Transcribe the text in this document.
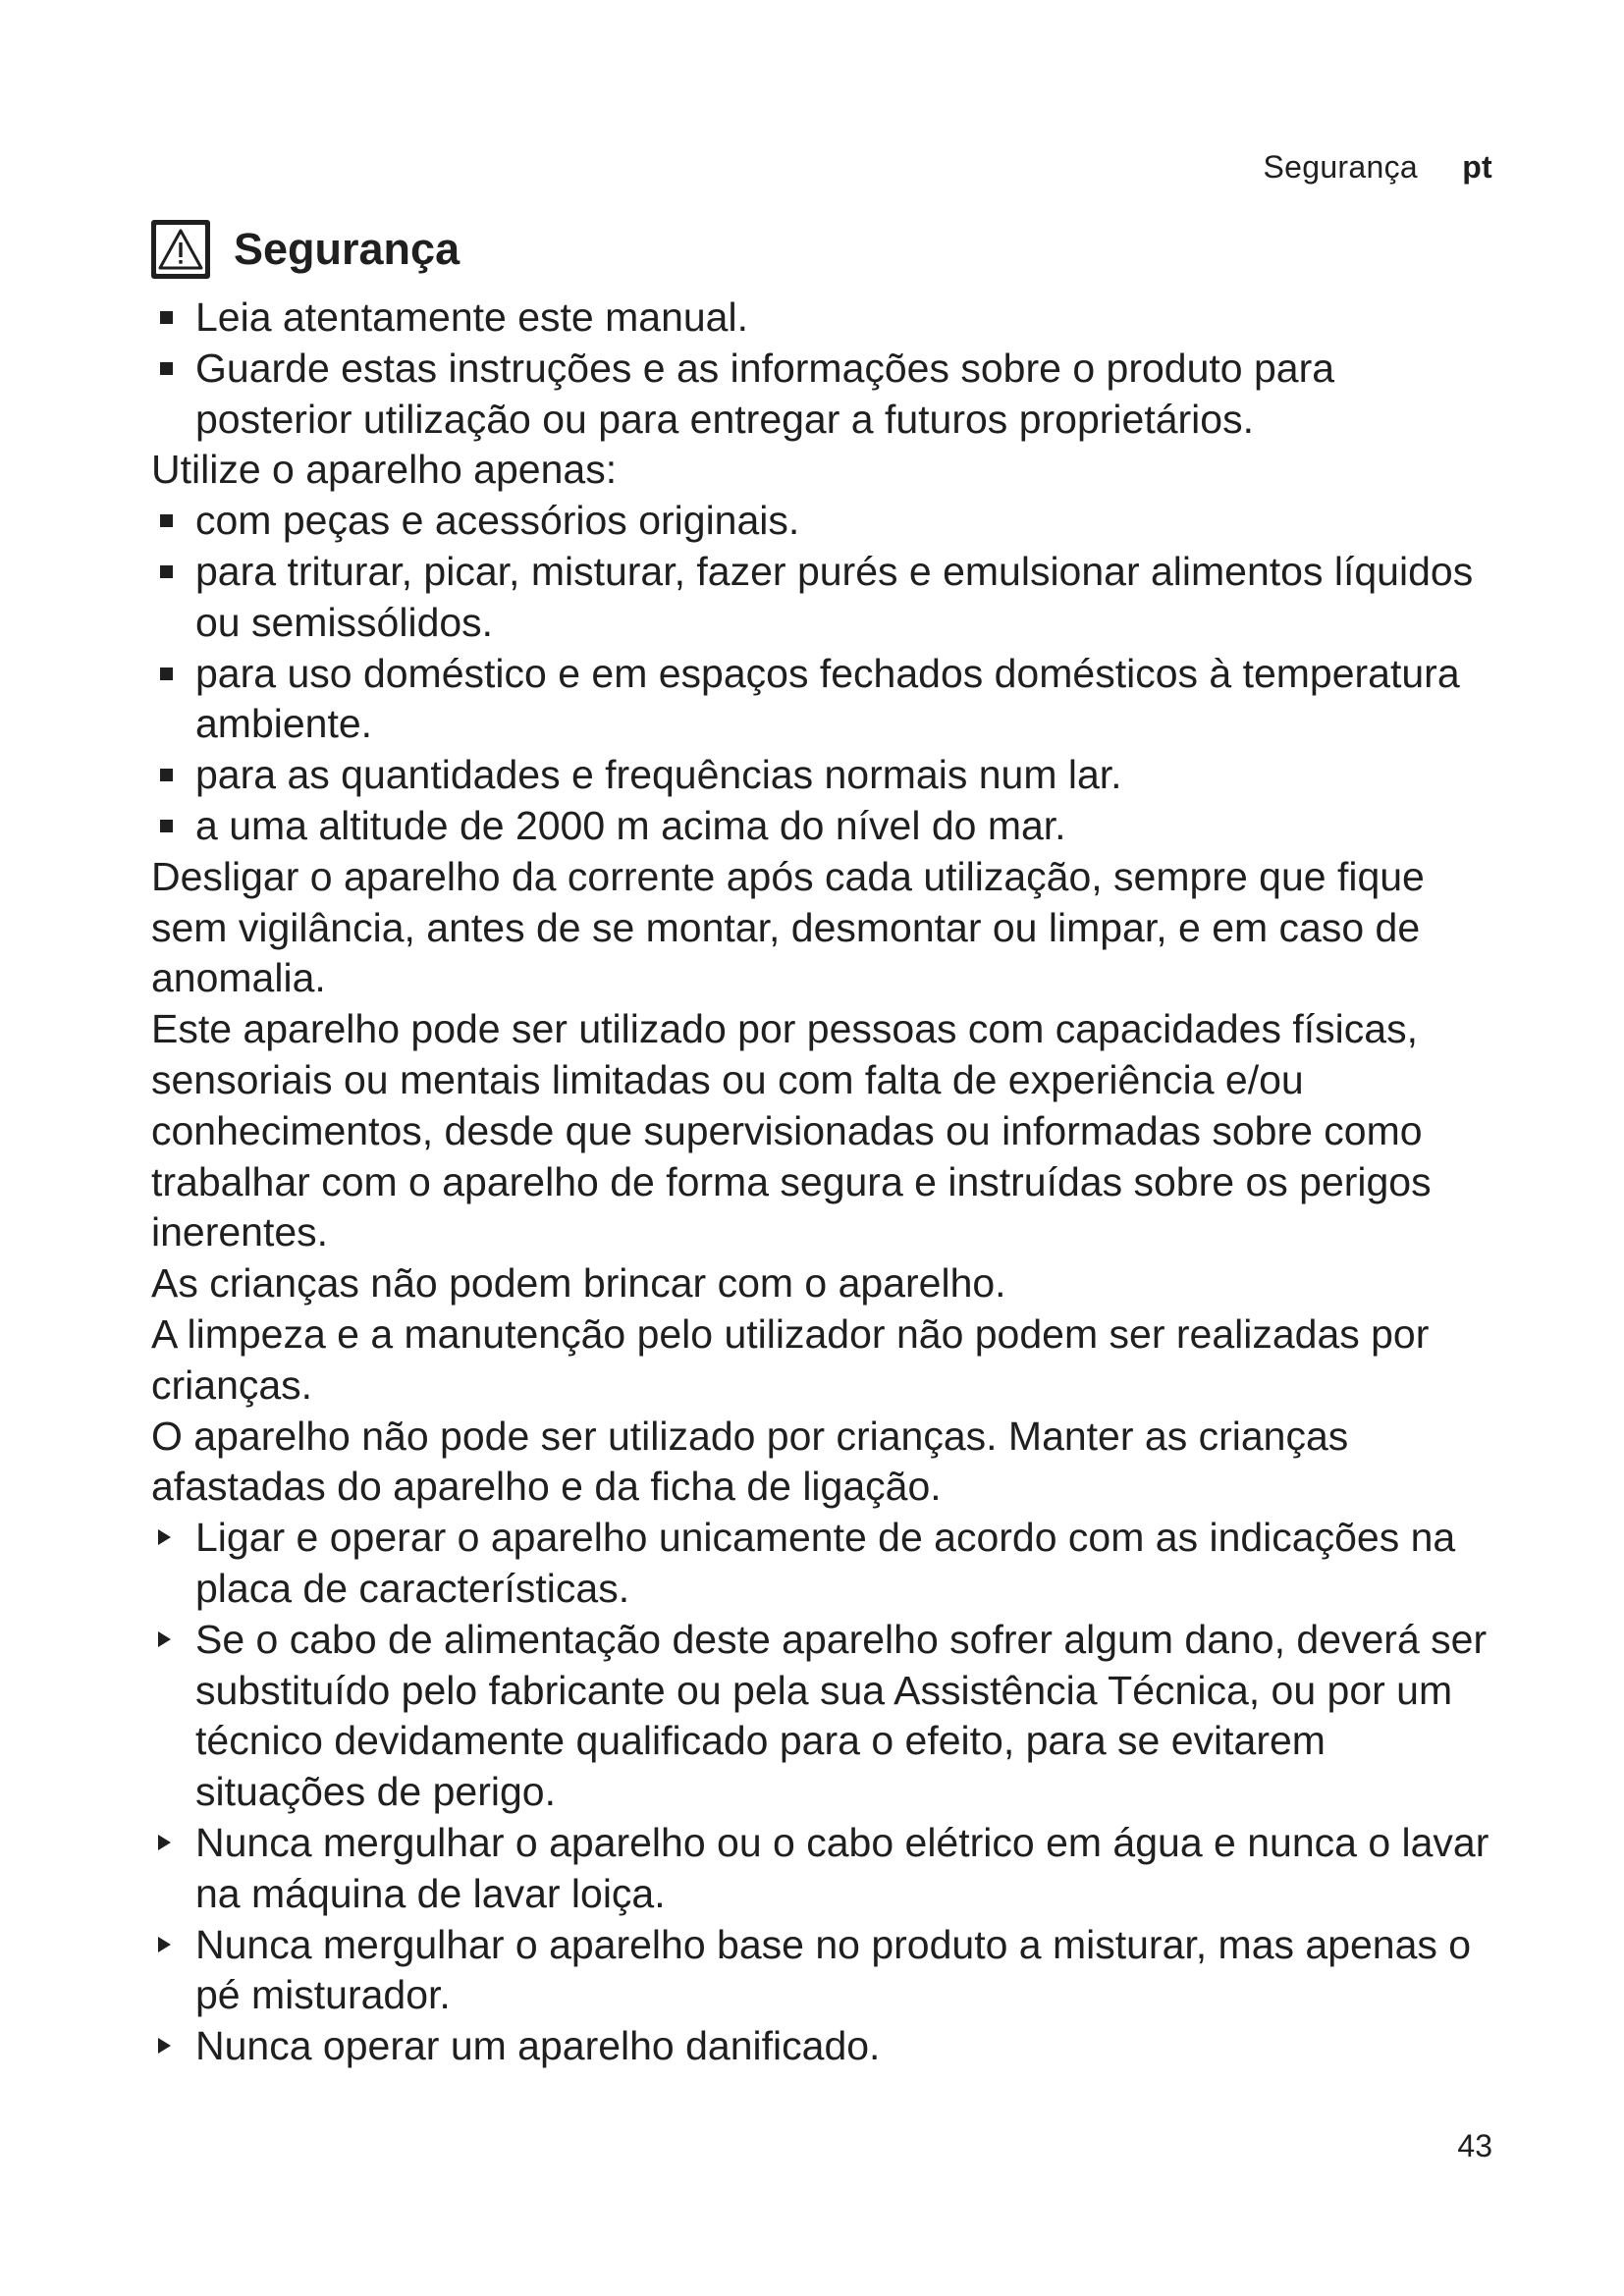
Segurança pt
Segurança
Leia atentamente este manual.
Guarde estas instruções e as informações sobre o produto para posterior utilização ou para entregar a futuros proprietários.

Utilize o aparelho apenas:

com peças e acessórios originais.
para triturar, picar, misturar, fazer purés e emulsionar alimentos líquidos ou semissólidos.
para uso doméstico e em espaços fechados domésticos à temperatura ambiente.
para as quantidades e frequências normais num lar.
a uma altitude de 2000 m acima do nível do mar.

Desligar o aparelho da corrente após cada utilização, sempre que fique sem vigilância, antes de se montar, desmontar ou limpar, e em caso de anomalia.

Este aparelho pode ser utilizado por pessoas com capacidades físicas, sensoriais ou mentais limitadas ou com falta de experiência e/ou conhecimentos, desde que supervisionadas ou informadas sobre como trabalhar com o aparelho de forma segura e instruídas sobre os perigos inerentes.

As crianças não podem brincar com o aparelho.

A limpeza e a manutenção pelo utilizador não podem ser realizadas por crianças.

O aparelho não pode ser utilizado por crianças. Manter as crianças afastadas do aparelho e da ficha de ligação.

Ligar e operar o aparelho unicamente de acordo com as indicações na placa de características.
Se o cabo de alimentação deste aparelho sofrer algum dano, deverá ser substituído pelo fabricante ou pela sua Assistência Técnica, ou por um técnico devidamente qualificado para o efeito, para se evitarem situações de perigo.
Nunca mergulhar o aparelho ou o cabo elétrico em água e nunca o lavar na máquina de lavar loiça.
Nunca mergulhar o aparelho base no produto a misturar, mas apenas o pé misturador.
Nunca operar um aparelho danificado.
43
